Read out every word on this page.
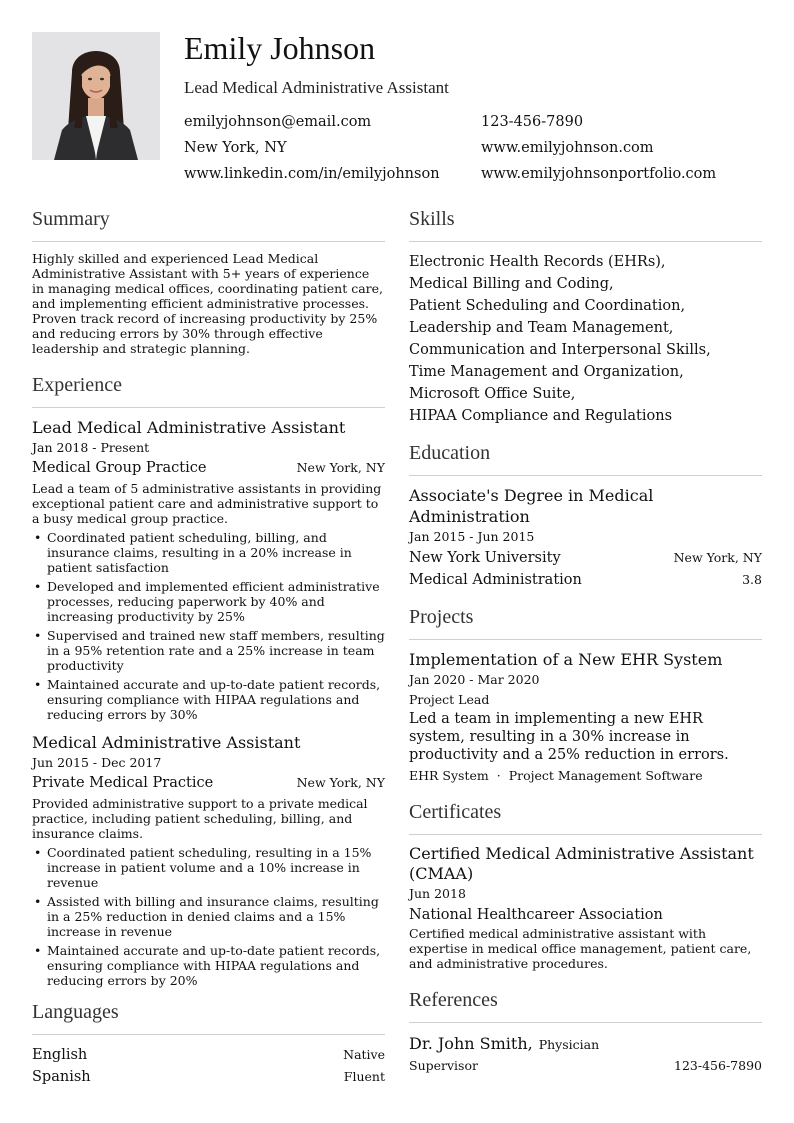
Emily Johnson
Lead Medical Administrative Assistant
emilyjohnson@email.com	123-456-7890
New York, NY	www.emilyjohnson.com
www.linkedin.com/in/emilyjohnson	www.emilyjohnsonportfolio.com
Summary
Highly skilled and experienced Lead Medical Administrative Assistant with 5+ years of experience in managing medical offices, coordinating patient care, and implementing efficient administrative processes. Proven track record of increasing productivity by 25% and reducing errors by 30% through effective leadership and strategic planning.
Experience
Lead Medical Administrative Assistant
Jan 2018 - Present
Medical Group Practice	New York, NY
Lead a team of 5 administrative assistants in providing exceptional patient care and administrative support to a busy medical group practice.
• Coordinated patient scheduling, billing, and insurance claims, resulting in a 20% increase in patient satisfaction
• Developed and implemented efficient administrative processes, reducing paperwork by 40% and increasing productivity by 25%
• Supervised and trained new staff members, resulting in a 95% retention rate and a 25% increase in team productivity
• Maintained accurate and up-to-date patient records, ensuring compliance with HIPAA regulations and reducing errors by 30%
Medical Administrative Assistant
Jun 2015 - Dec 2017
Private Medical Practice	New York, NY
Provided administrative support to a private medical practice, including patient scheduling, billing, and insurance claims.
• Coordinated patient scheduling, resulting in a 15% increase in patient volume and a 10% increase in revenue
• Assisted with billing and insurance claims, resulting in a 25% reduction in denied claims and a 15% increase in revenue
• Maintained accurate and up-to-date patient records, ensuring compliance with HIPAA regulations and reducing errors by 20%
Languages
English	Native
Spanish	Fluent
Skills
Electronic Health Records (EHRs),
Medical Billing and Coding,
Patient Scheduling and Coordination,
Leadership and Team Management,
Communication and Interpersonal Skills,
Time Management and Organization,
Microsoft Office Suite,
HIPAA Compliance and Regulations
Education
Associate's Degree in Medical Administration
Jan 2015 - Jun 2015
New York University	New York, NY
Medical Administration	3.8
Projects
Implementation of a New EHR System
Jan 2020 - Mar 2020
Project Lead
Led a team in implementing a new EHR system, resulting in a 30% increase in productivity and a 25% reduction in errors.
EHR System · Project Management Software
Certificates
Certified Medical Administrative Assistant (CMAA)
Jun 2018
National Healthcareer Association
Certified medical administrative assistant with expertise in medical office management, patient care, and administrative procedures.
References
Dr. John Smith, Physician
Supervisor	123-456-7890
